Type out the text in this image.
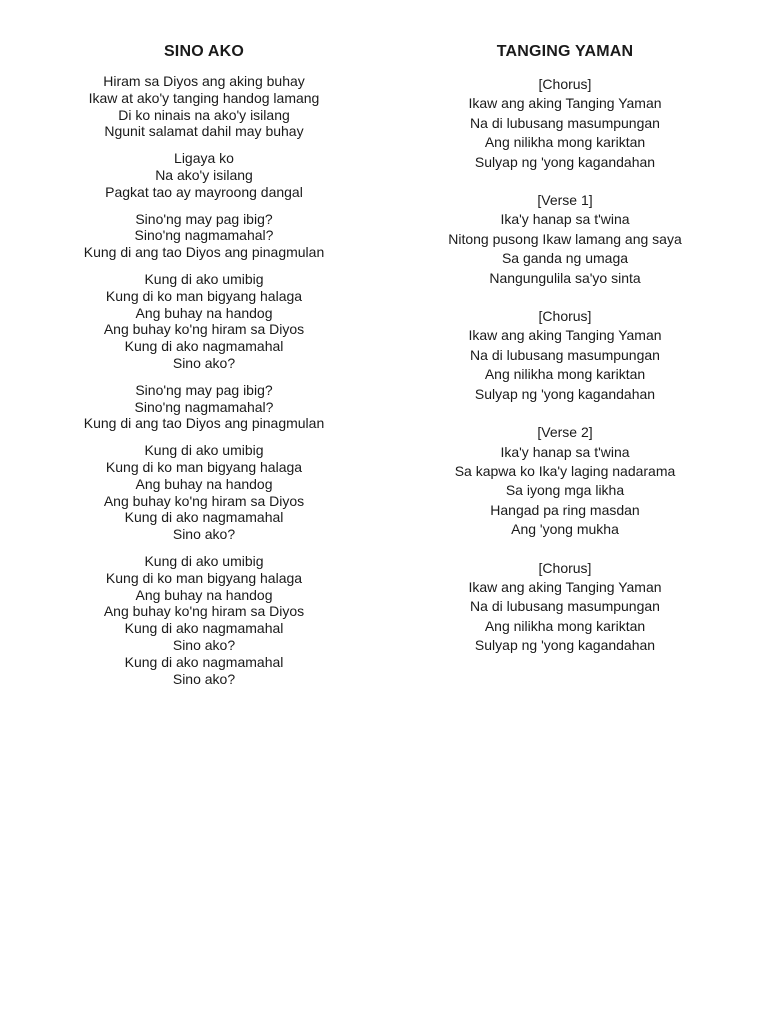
SINO AKO
Hiram sa Diyos ang aking buhay
Ikaw at ako'y tanging handog lamang
Di ko ninais na ako'y isilang
Ngunit salamat dahil may buhay
Ligaya ko
Na ako'y isilang
Pagkat tao ay mayroong dangal
Sino'ng may pag ibig?
Sino'ng nagmamahal?
Kung di ang tao Diyos ang pinagmulan
Kung di ako umibig
Kung di ko man bigyang halaga
Ang buhay na handog
Ang buhay ko'ng hiram sa Diyos
Kung di ako nagmamahal
Sino ako?
Sino'ng may pag ibig?
Sino'ng nagmamahal?
Kung di ang tao Diyos ang pinagmulan
Kung di ako umibig
Kung di ko man bigyang halaga
Ang buhay na handog
Ang buhay ko'ng hiram sa Diyos
Kung di ako nagmamahal
Sino ako?
Kung di ako umibig
Kung di ko man bigyang halaga
Ang buhay na handog
Ang buhay ko'ng hiram sa Diyos
Kung di ako nagmamahal
Sino ako?
Kung di ako nagmamahal
Sino ako?
TANGING YAMAN
[Chorus]
Ikaw ang aking Tanging Yaman
Na di lubusang masumpungan
Ang nilikha mong kariktan
Sulyap ng 'yong kagandahan
[Verse 1]
Ika'y hanap sa t'wina
Nitong pusong Ikaw lamang ang saya
Sa ganda ng umaga
Nangungulila sa'yo sinta
[Chorus]
Ikaw ang aking Tanging Yaman
Na di lubusang masumpungan
Ang nilikha mong kariktan
Sulyap ng 'yong kagandahan
[Verse 2]
Ika'y hanap sa t'wina
Sa kapwa ko Ika'y laging nadarama
Sa iyong mga likha
Hangad pa ring masdan
Ang 'yong mukha
[Chorus]
Ikaw ang aking Tanging Yaman
Na di lubusang masumpungan
Ang nilikha mong kariktan
Sulyap ng 'yong kagandahan
